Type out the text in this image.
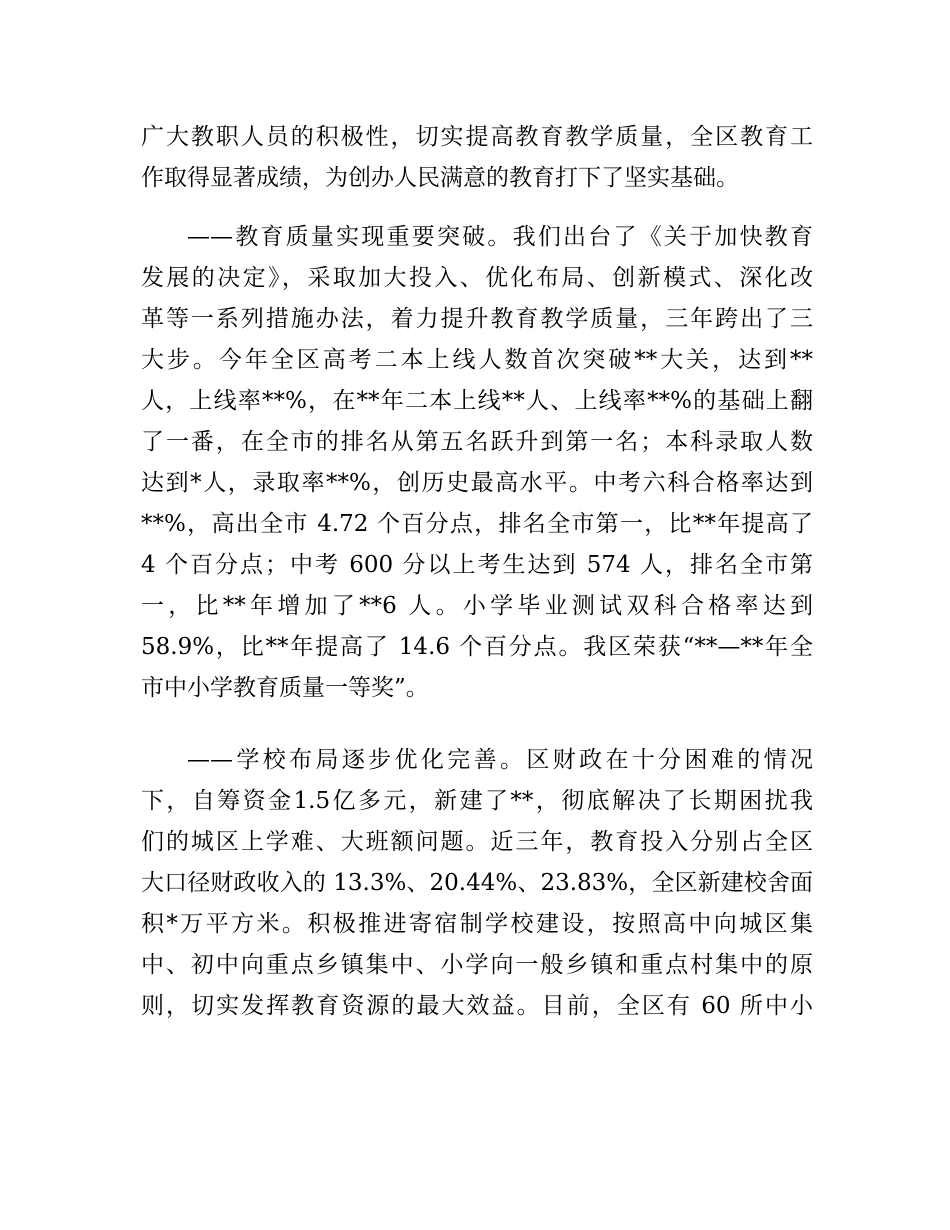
广大教职人员的积极性，切实提高教育教学质量，全区教育工
作取得显著成绩，为创办人民满意的教育打下了坚实基础。
——教育质量实现重要突破。我们出台了《关于加快教育
发展的决定》，采取加大投入、优化布局、创新模式、深化改
革等一系列措施办法，着力提升教育教学质量，三年跨出了三
大步。今年全区高考二本上线人数首次突破**大关，达到**
人，上线率**%，在**年二本上线**人、上线率**%的基础上翻
了一番，在全市的排名从第五名跃升到第一名；本科录取人数
达到*人，录取率**%，创历史最高水平。中考六科合格率达到
**%，高出全市 4.72 个百分点，排名全市第一，比**年提高了
4 个百分点；中考 600 分以上考生达到 574 人，排名全市第
一，比**年增加了**6 人。小学毕业测试双科合格率达到
58.9%，比**年提高了 14.6 个百分点。我区荣获“**—**年全
市中小学教育质量一等奖”。
——学校布局逐步优化完善。区财政在十分困难的情况
下，自筹资金1.5亿多元，新建了**，彻底解决了长期困扰我
们的城区上学难、大班额问题。近三年，教育投入分别占全区
大口径财政收入的 13.3%、20.44%、23.83%，全区新建校舍面
积*万平方米。积极推进寄宿制学校建设，按照高中向城区集
中、初中向重点乡镇集中、小学向一般乡镇和重点村集中的原
则，切实发挥教育资源的最大效益。目前，全区有 60 所中小
